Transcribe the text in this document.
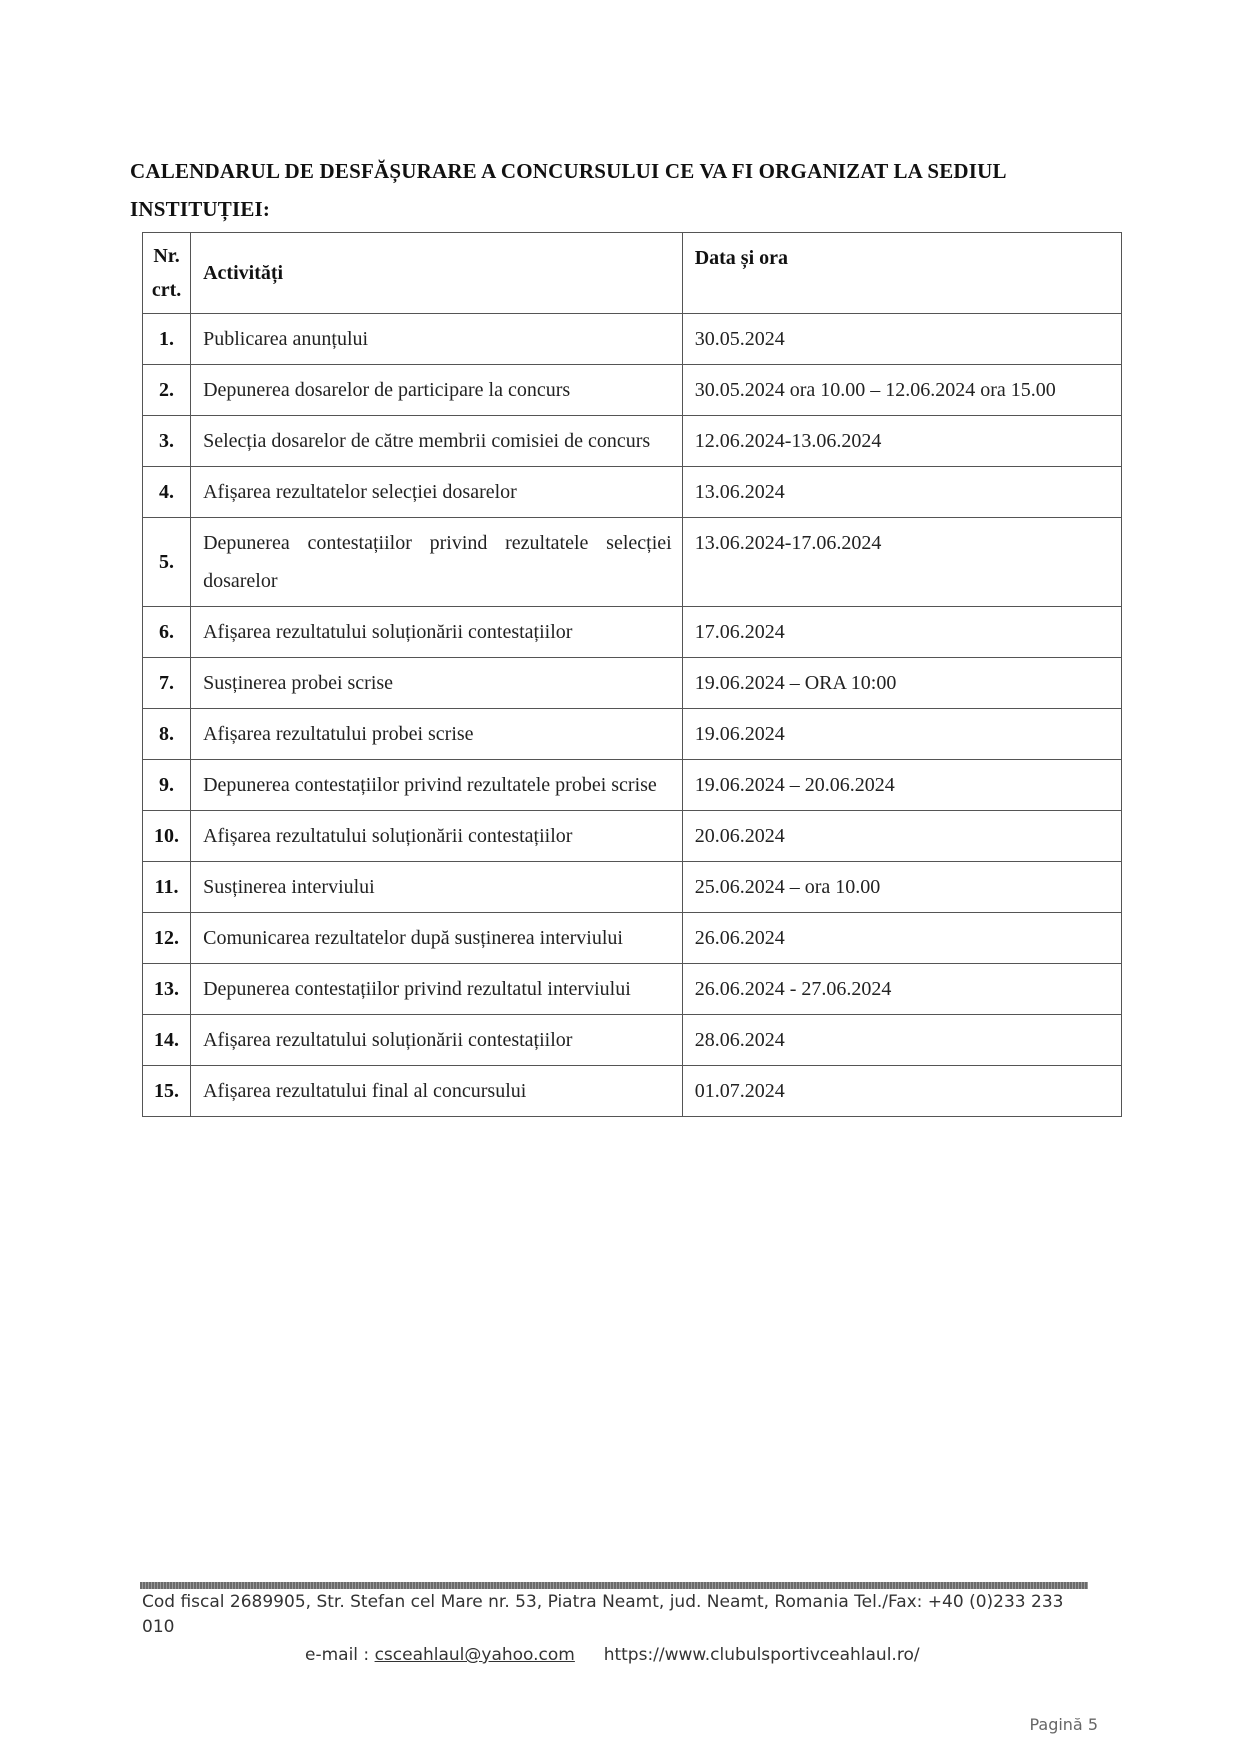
CALENDARUL DE DESFĂȘURARE A CONCURSULUI CE VA FI ORGANIZAT LA SEDIUL INSTITUȚIEI:
Nr.
crt.	Activități	Data și ora
1.	Publicarea anunțului	30.05.2024
2.	Depunerea dosarelor de participare la concurs	30.05.2024 ora 10.00 – 12.06.2024 ora 15.00
3.	Selecția dosarelor de către membrii comisiei de concurs	12.06.2024-13.06.2024
4.	Afișarea rezultatelor selecției dosarelor	13.06.2024
5.	Depunerea contestațiilor privind rezultatele selecției dosarelor	13.06.2024-17.06.2024
6.	Afișarea rezultatului soluționării contestațiilor	17.06.2024
7.	Susținerea probei scrise	19.06.2024 – ORA 10:00
8.	Afișarea rezultatului probei scrise	19.06.2024
9.	Depunerea contestațiilor privind rezultatele probei scrise	19.06.2024 – 20.06.2024
10.	Afișarea rezultatului soluționării contestațiilor	20.06.2024
11.	Susținerea interviului	25.06.2024 – ora 10.00
12.	Comunicarea rezultatelor după susținerea interviului	26.06.2024
13.	Depunerea contestațiilor privind rezultatul interviului	26.06.2024 - 27.06.2024
14.	Afișarea rezultatului soluționării contestațiilor	28.06.2024
15.	Afișarea rezultatului final al concursului	01.07.2024
Cod fiscal 2689905, Str. Stefan cel Mare nr. 53, Piatra Neamt, jud. Neamt, Romania Tel./Fax: +40 (0)233 233 010
e-mail : csceahlaul@yahoo.com https://www.clubulsportivceahlaul.ro/
Pagină 5
